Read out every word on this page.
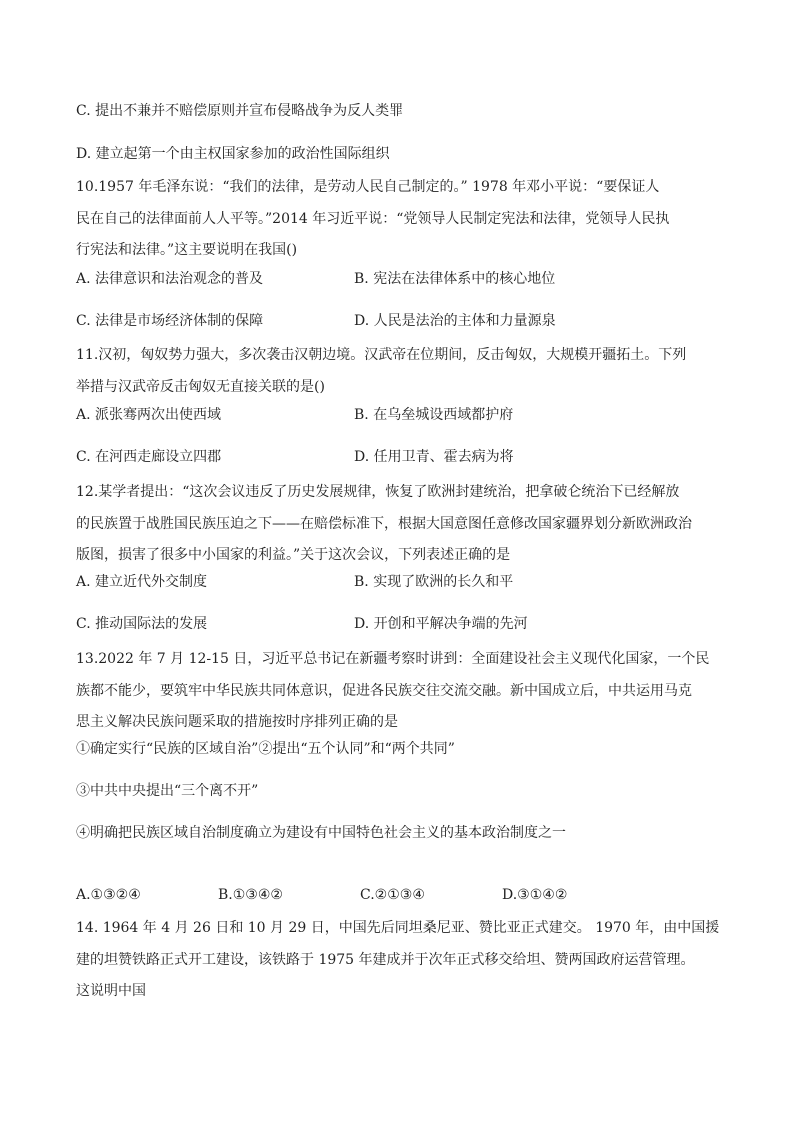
C. 提出不兼并不赔偿原则并宣布侵略战争为反人类罪
D. 建立起第一个由主权国家参加的政治性国际组织
10.1957 年毛泽东说：“我们的法律，是劳动人民自己制定的。” 1978 年邓小平说：“要保证人
民在自己的法律面前人人平等。”2014 年习近平说：“党领导人民制定宪法和法律，党领导人民执
行宪法和法律。”这主要说明在我国()
A. 法律意识和法治观念的普及	B. 宪法在法律体系中的核心地位
C. 法律是市场经济体制的保障	D. 人民是法治的主体和力量源泉
11.汉初，匈奴势力强大，多次袭击汉朝边境。汉武帝在位期间，反击匈奴，大规模开疆拓土。下列
举措与汉武帝反击匈奴无直接关联的是()
A. 派张骞两次出使西域	B. 在乌垒城设西域都护府
C. 在河西走廊设立四郡	D. 任用卫青、霍去病为将
12.某学者提出：“这次会议违反了历史发展规律，恢复了欧洲封建统治，把拿破仑统治下已经解放
的民族置于战胜国民族压迫之下——在赔偿标准下，根据大国意图任意修改国家疆界划分新欧洲政治
版图，损害了很多中小国家的利益。”关于这次会议，下列表述正确的是
A. 建立近代外交制度	B. 实现了欧洲的长久和平
C. 推动国际法的发展	D. 开创和平解决争端的先河
13.2022 年 7 月 12-15 日，习近平总书记在新疆考察时讲到：全面建设社会主义现代化国家，一个民
族都不能少，要筑牢中华民族共同体意识，促进各民族交往交流交融。新中国成立后，中共运用马克
思主义解决民族问题采取的措施按时序排列正确的是
①确定实行“民族的区域自治”②提出“五个认同”和“两个共同”
③中共中央提出“三个离不开”
④明确把民族区域自治制度确立为建设有中国特色社会主义的基本政治制度之一
A.①③②④	B.①③④②	C.②①③④	D.③①④②
14. 1964 年 4 月 26 日和 10 月 29 日，中国先后同坦桑尼亚、赞比亚正式建交。 1970 年，由中国援
建的坦赞铁路正式开工建设，该铁路于 1975 年建成并于次年正式移交给坦、赞两国政府运营管理。
这说明中国
